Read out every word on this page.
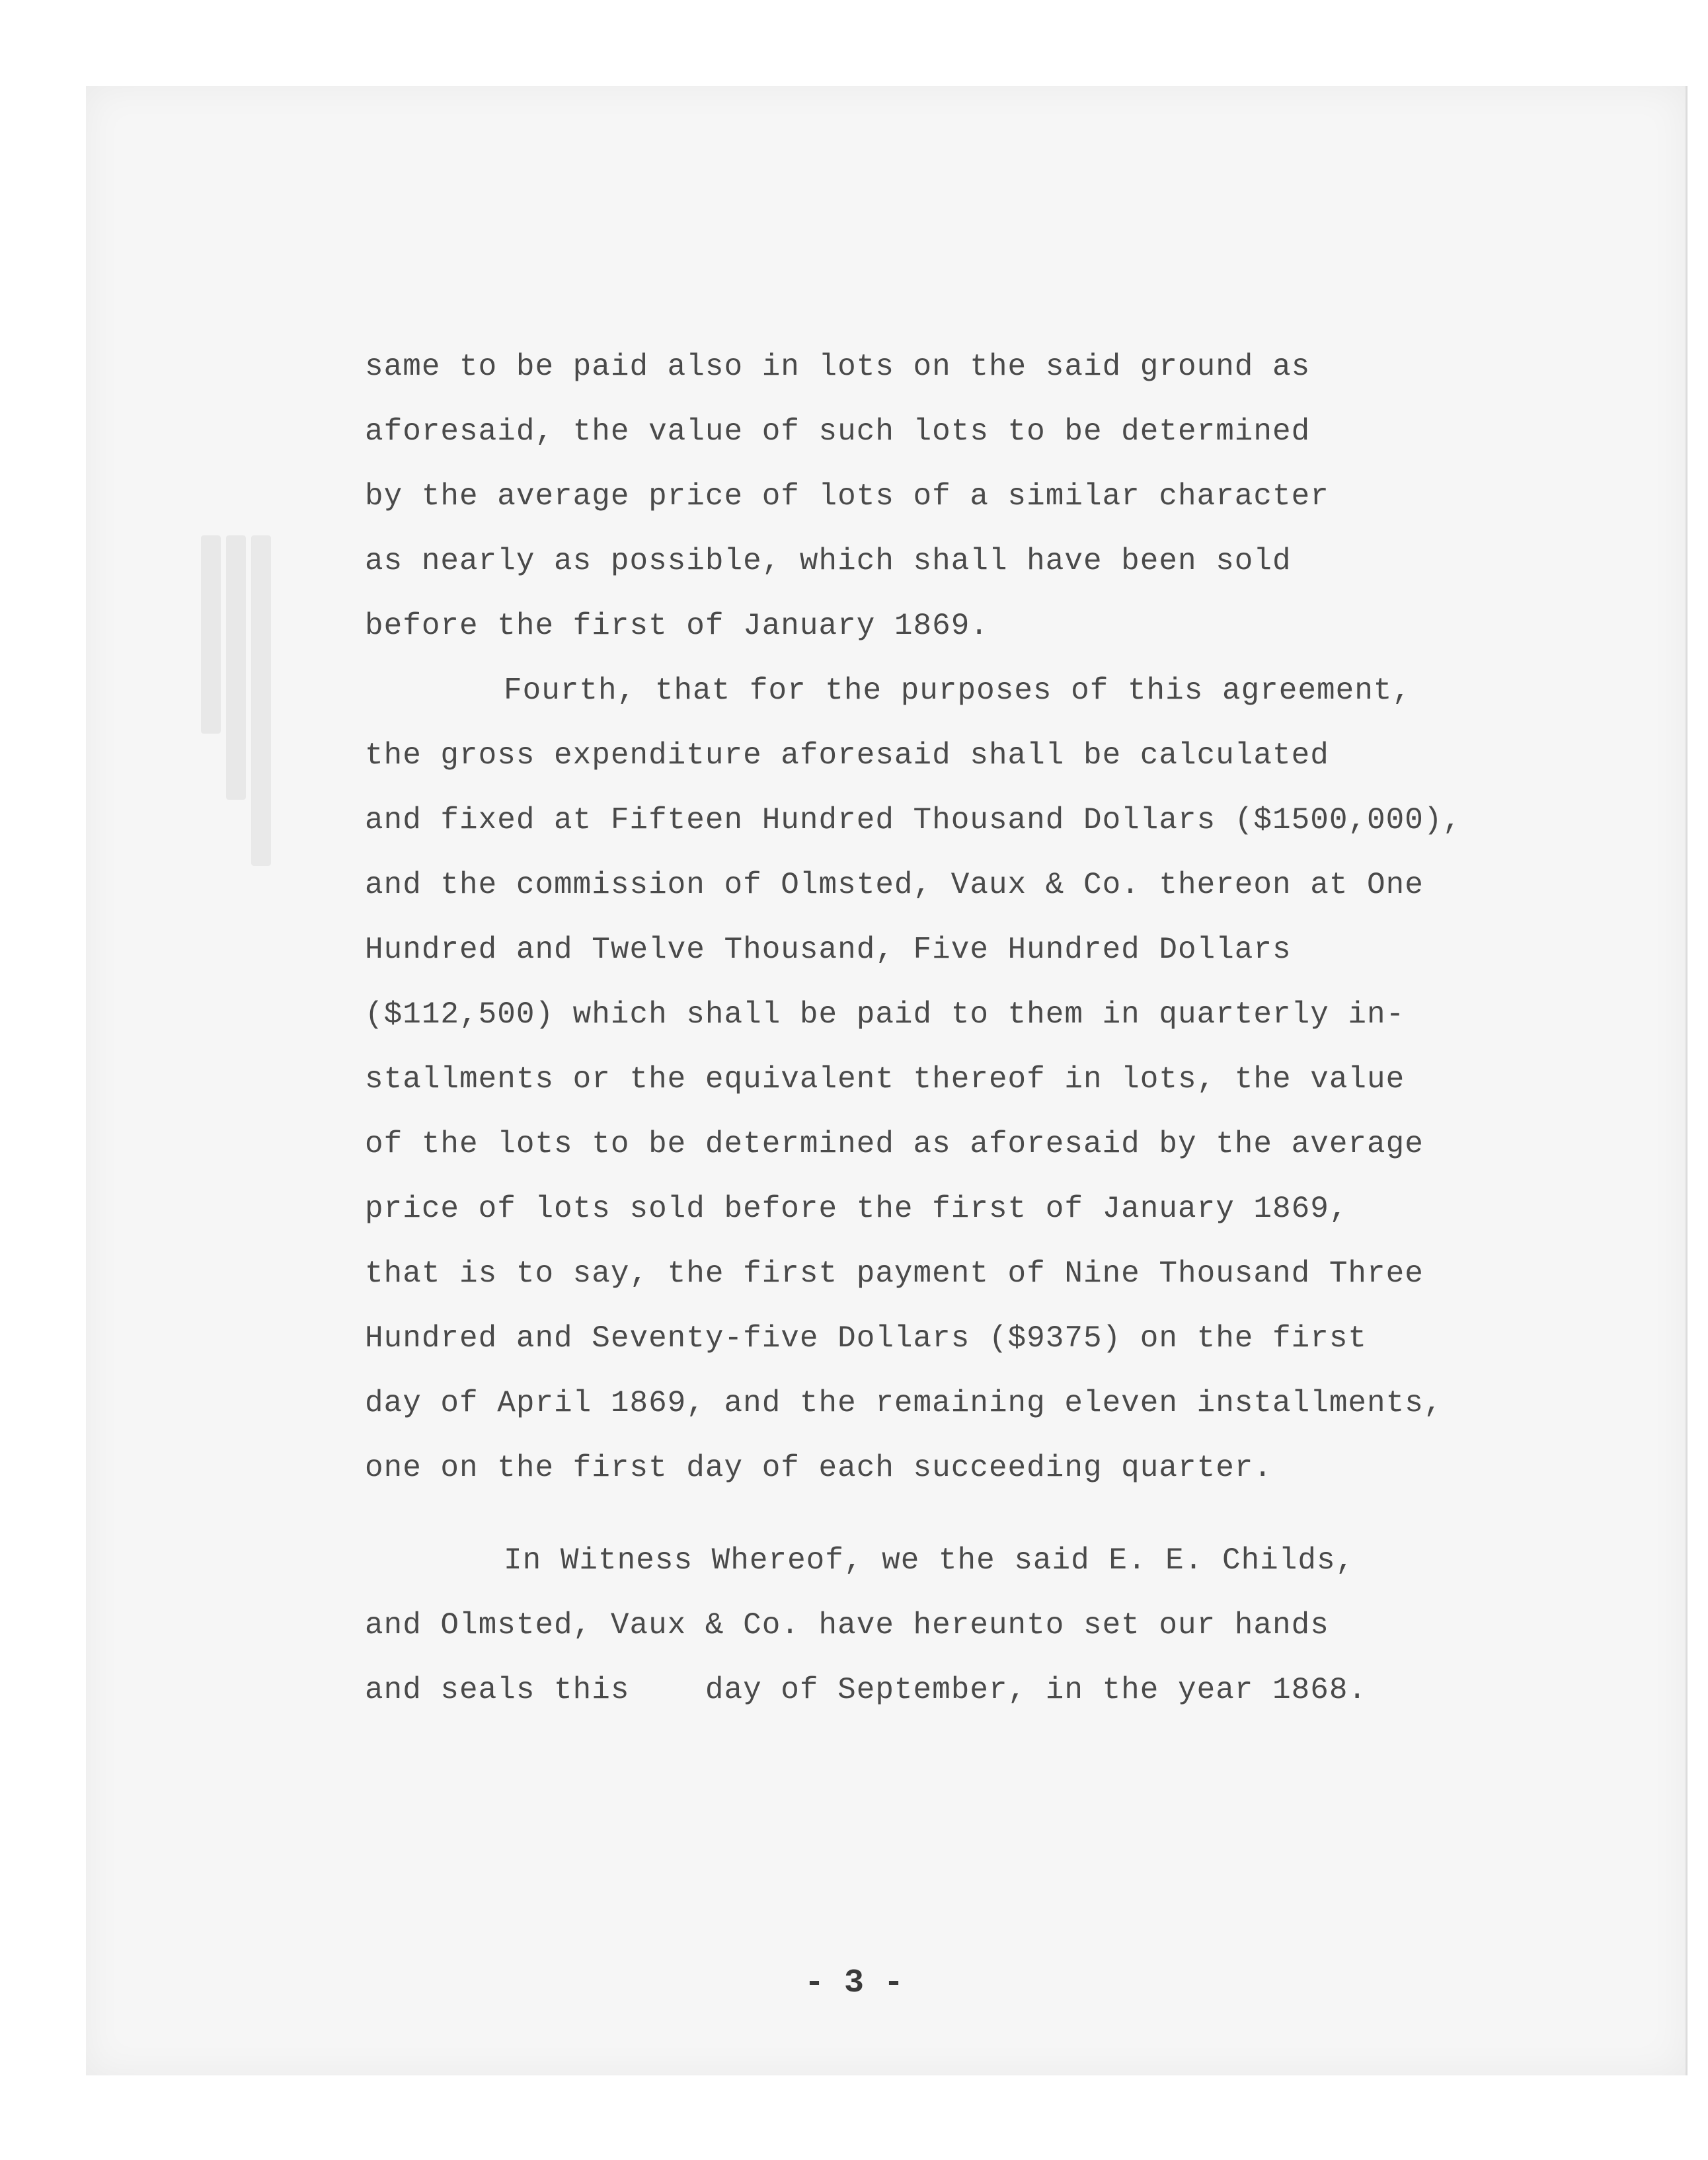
same to be paid also in lots on the said ground as
aforesaid, the value of such lots to be determined
by the average price of lots of a similar character
as nearly as possible, which shall have been sold
before the first of January 1869.
Fourth, that for the purposes of this agreement,
the gross expenditure aforesaid shall be calculated
and fixed at Fifteen Hundred Thousand Dollars ($1500,000),
and the commission of Olmsted, Vaux & Co. thereon at One
Hundred and Twelve Thousand, Five Hundred Dollars
($112,500) which shall be paid to them in quarterly in-
stallments or the equivalent thereof in lots, the value
of the lots to be determined as aforesaid by the average
price of lots sold before the first of January 1869,
that is to say, the first payment of Nine Thousand Three
Hundred and Seventy-five Dollars ($9375) on the first
day of April 1869, and the remaining eleven installments,
one on the first day of each succeeding quarter.
In Witness Whereof, we the said E. E. Childs,
and Olmsted, Vaux & Co. have hereunto set our hands
and seals this    day of September, in the year 1868.
- 3 -
